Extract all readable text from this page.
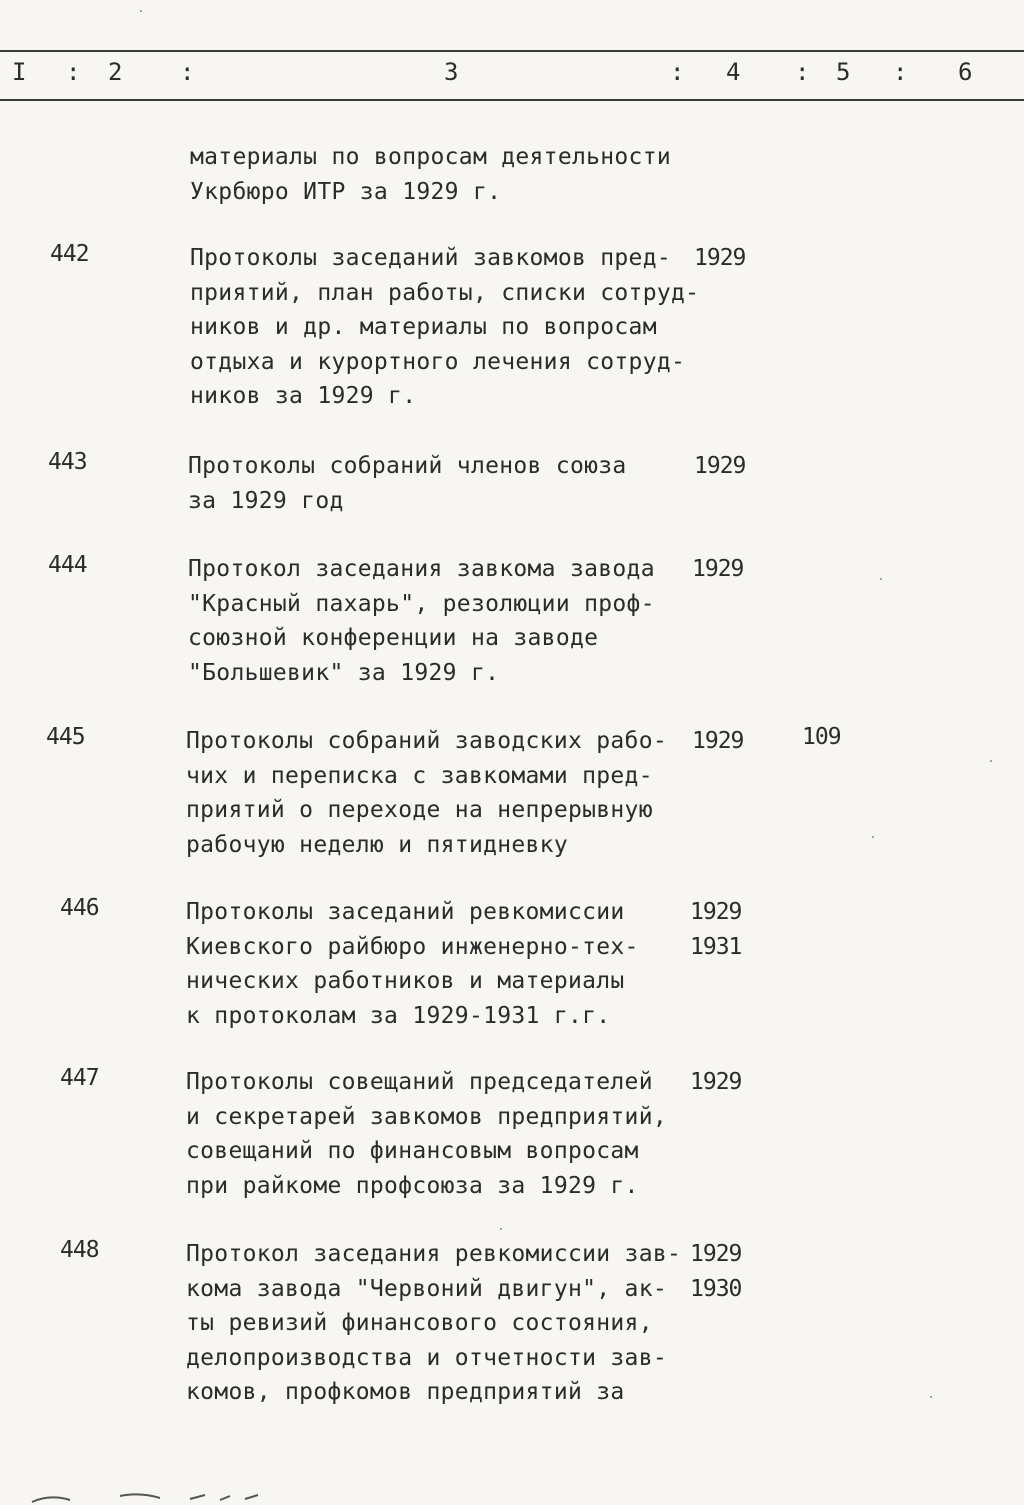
I : 2 :	3	: 4 : 5 : 6
материалы по вопросам деятельности
Укрбюро ИТР за 1929 г.
442	Протоколы заседаний завкомов пред-
приятий, план работы, списки сотруд-
ников и др. материалы по вопросам
отдыха и курортного лечения сотруд-
ников за 1929 г.
1929
443	Протоколы собраний членов союза
за 1929 год
1929
444	Протокол заседания завкома завода
"Красный пахарь", резолюции проф-
союзной конференции на заводе
"Большевик" за 1929 г.
1929
445	Протоколы собраний заводских рабо-
чих и переписка с завкомами пред-
приятий о переходе на непрерывную
рабочую неделю и пятидневку
1929	109
446	Протоколы заседаний ревкомиссии
Киевского райбюро инженерно-тех-
нических работников и материалы
к протоколам за 1929-1931 г.г.
1929
1931
447	Протоколы совещаний председателей
и секретарей завкомов предприятий,
совещаний по финансовым вопросам
при райкоме профсоюза за 1929 г.
1929
448	Протокол заседания ревкомиссии зав-
кома завода "Червоний двигун", ак-
ты ревизий финансового состояния,
делопроизводства и отчетности зав-
комов, профкомов предприятий за
1929
1930
